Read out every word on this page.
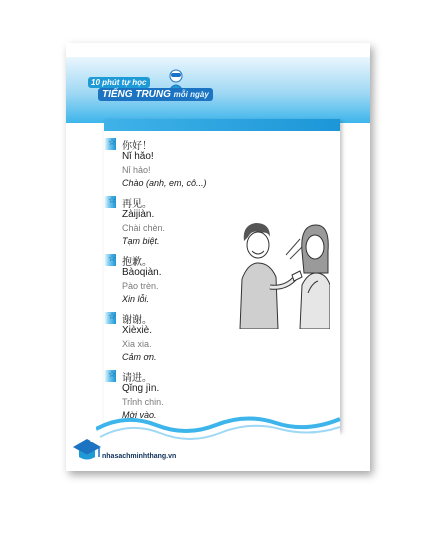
10 phút tự học
TIẾNG TRUNG mỗi ngày
☆ 你好！
Nǐ hǎo!
Nỉ hảo!
Chào (anh, em, cô...)
☆ 再见。
Zàijiàn.
Chài chèn.
Tạm biệt.
☆ 抱歉。
Bàoqiàn.
Pào trèn.
Xin lỗi.
☆ 谢谢。
Xièxiè.
Xia xia.
Cảm ơn.
☆ 请进。
Qǐng jìn.
Trỉnh chin.
Mời vào.
10
nhasachminhthang.vn
